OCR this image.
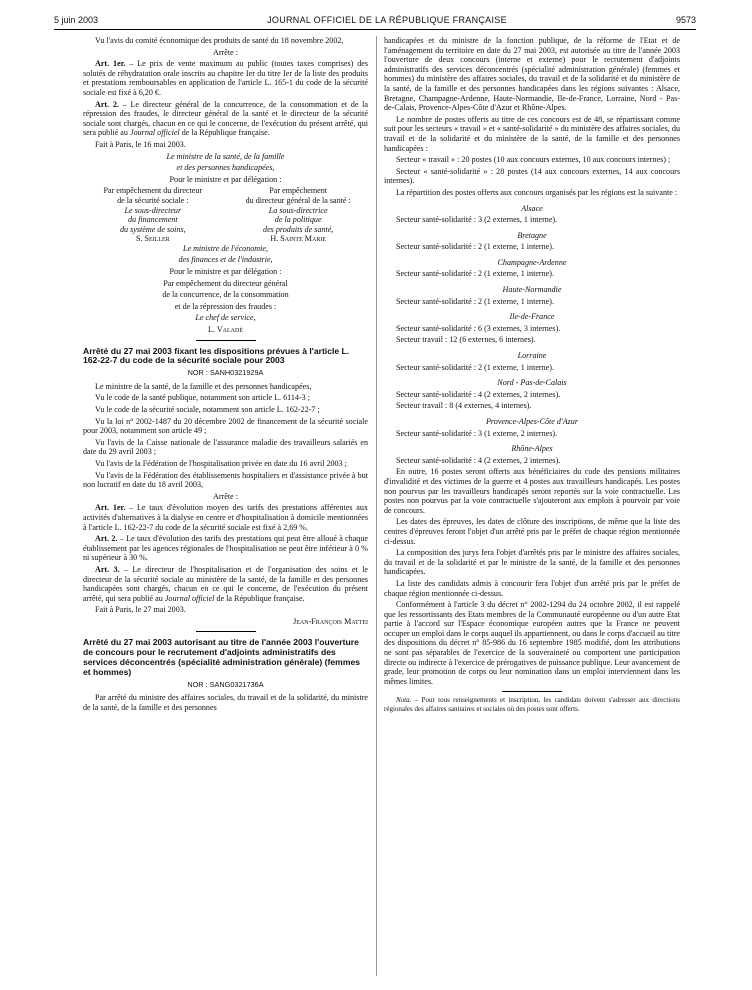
5 juin 2003	JOURNAL OFFICIEL DE LA RÉPUBLIQUE FRANÇAISE	9573

Vu l'avis du comité économique des produits de santé du 18 novembre 2002,

Arrête :

Art. 1er. – Le prix de vente maximum au public (toutes taxes comprises) des solutés de réhydratation orale inscrits au chapitre Ier du titre Ier de la liste des produits et prestations remboursables en application de l'article L. 165-1 du code de la sécurité sociale est fixé à 6,20 €.

Art. 2. – Le directeur général de la concurrence, de la consommation et de la répression des fraudes, le directeur général de la santé et le directeur de la sécurité sociale sont chargés, chacun en ce qui le concerne, de l'exécution du présent arrêté, qui sera publié au Journal officiel de la République française.

Fait à Paris, le 16 mai 2003.

Le ministre de la santé, de la famille

et des personnes handicapées,

Pour le ministre et par délégation :

Par empêchement du directeur
de la sécurité sociale :
Le sous-directeur
du financement
du système de soins,
S. Seiller
Par empêchement
du directeur général de la santé :
La sous-directrice
de la politique
des produits de santé,
H. Sainte Marie

Le ministre de l'économie,

des finances et de l'industrie,

Pour le ministre et par délégation :

Par empêchement du directeur général

de la concurrence, de la consommation

et de la répression des fraudes :

Le chef de service,

L. Valadé

Arrêté du 27 mai 2003 fixant les dispositions prévues à l'article L. 162-22-7 du code de la sécurité sociale pour 2003
NOR : SANH0321929A

Le ministre de la santé, de la famille et des personnes handicapées,

Vu le code de la santé publique, notamment son article L. 6114-3 ;

Vu le code de la sécurité sociale, notamment son article L. 162-22-7 ;

Vu la loi n° 2002-1487 du 20 décembre 2002 de financement de la sécurité sociale pour 2003, notamment son article 49 ;

Vu l'avis de la Caisse nationale de l'assurance maladie des travailleurs salariés en date du 29 avril 2003 ;

Vu l'avis de la Fédération de l'hospitalisation privée en date du 16 avril 2003 ;

Vu l'avis de la Fédération des établissements hospitaliers et d'assistance privée à but non lucratif en date du 18 avril 2003,

Arrête :

Art. 1er. – Le taux d'évolution moyen des tarifs des prestations afférentes aux activités d'alternatives à la dialyse en centre et d'hospitalisation à domicile mentionnées à l'article L. 162-22-7 du code de la sécurité sociale est fixé à 2,69 %.

Art. 2. – Le taux d'évolution des tarifs des prestations qui peut être alloué à chaque établissement par les agences régionales de l'hospitalisation ne peut être inférieur à 0 % ni supérieur à 30 %.

Art. 3. – Le directeur de l'hospitalisation et de l'organisation des soins et le directeur de la sécurité sociale au ministère de la santé, de la famille et des personnes handicapées sont chargés, chacun en ce qui le concerne, de l'exécution du présent arrêté, qui sera publié au Journal officiel de la République française.

Fait à Paris, le 27 mai 2003.

Jean-François Mattei

Arrêté du 27 mai 2003 autorisant au titre de l'année 2003 l'ouverture de concours pour le recrutement d'adjoints administratifs des services déconcentrés (spécialité administration générale) (femmes et hommes)
NOR : SANG0321736A

Par arrêté du ministre des affaires sociales, du travail et de la solidarité, du ministre de la santé, de la famille et des personnes

handicapées et du ministre de la fonction publique, de la réforme de l'Etat et de l'aménagement du territoire en date du 27 mai 2003, est autorisée au titre de l'année 2003 l'ouverture de deux concours (interne et externe) pour le recrutement d'adjoints administratifs des services déconcentrés (spécialité administration générale) (femmes et hommes) du ministère des affaires sociales, du travail et de la solidarité et du ministère de la santé, de la famille et des personnes handicapées dans les régions suivantes : Alsace, Bretagne, Champagne-Ardenne, Haute-Normandie, Ile-de-France, Lorraine, Nord - Pas-de-Calais, Provence-Alpes-Côte d'Azur et Rhône-Alpes.

Le nombre de postes offerts au titre de ces concours est de 48, se répartissant comme suit pour les secteurs « travail » et « santé-solidarité » du ministère des affaires sociales, du travail et de la solidarité et du ministère de la santé, de la famille et des personnes handicapées :

Secteur « travail » : 20 postes (10 aux concours externes, 10 aux concours internes) ;

Secteur « santé-solidarité » : 28 postes (14 aux concours externes, 14 aux concours internes).

La répartition des postes offerts aux concours organisés par les régions est la suivante :

Alsace

Secteur santé-solidarité : 3 (2 externes, 1 interne).

Bretagne

Secteur santé-solidarité : 2 (1 externe, 1 interne).

Champagne-Ardenne

Secteur santé-solidarité : 2 (1 externe, 1 interne).

Haute-Normandie

Secteur santé-solidarité : 2 (1 externe, 1 interne).

Ile-de-France

Secteur santé-solidarité : 6 (3 externes, 3 internes).

Secteur travail : 12 (6 externes, 6 internes).

Lorraine

Secteur santé-solidarité : 2 (1 externe, 1 interne).

Nord - Pas-de-Calais

Secteur santé-solidarité : 4 (2 externes, 2 internes).

Secteur travail : 8 (4 externes, 4 internes).

Provence-Alpes-Côte d'Azur

Secteur santé-solidarité : 3 (1 externe, 2 internes).

Rhône-Alpes

Secteur santé-solidarité : 4 (2 externes, 2 internes).

En outre, 16 postes seront offerts aux bénéficiaires du code des pensions militaires d'invalidité et des victimes de la guerre et 4 postes aux travailleurs handicapés. Les postes non pourvus par les travailleurs handicapés seront reportés sur la voie contractuelle. Les postes non pourvus par la voie contractuelle s'ajouteront aux emplois à pourvoir par voie de concours.

Les dates des épreuves, les dates de clôture des inscriptions, de même que la liste des centres d'épreuves feront l'objet d'un arrêté pris par le préfet de chaque région mentionnée ci-dessus.

La composition des jurys fera l'objet d'arrêtés pris par le ministre des affaires sociales, du travail et de la solidarité et par le ministre de la santé, de la famille et des personnes handicapées.

La liste des candidats admis à concourir fera l'objet d'un arrêté pris par le préfet de chaque région mentionnée ci-dessus.

Conformément à l'article 3 du décret n° 2002-1294 du 24 octobre 2002, il est rappelé que les ressortissants des Etats membres de la Communauté européenne ou d'un autre Etat partie à l'accord sur l'Espace économique européen autres que la France ne peuvent occuper un emploi dans le corps auquel ils appartiennent, ou dans le corps d'accueil au titre des dispositions du décret n° 85-986 du 16 septembre 1985 modifié, dont les attributions ne sont pas séparables de l'exercice de la souveraineté ou comportent une participation directe ou indirecte à l'exercice de prérogatives de puissance publique. Leur avancement de grade, leur promotion de corps ou leur nomination dans un emploi interviennent dans les mêmes limites.

Nota. – Pour tous renseignements et inscription, les candidats doivent s'adresser aux directions régionales des affaires sanitaires et sociales où des postes sont offerts.
